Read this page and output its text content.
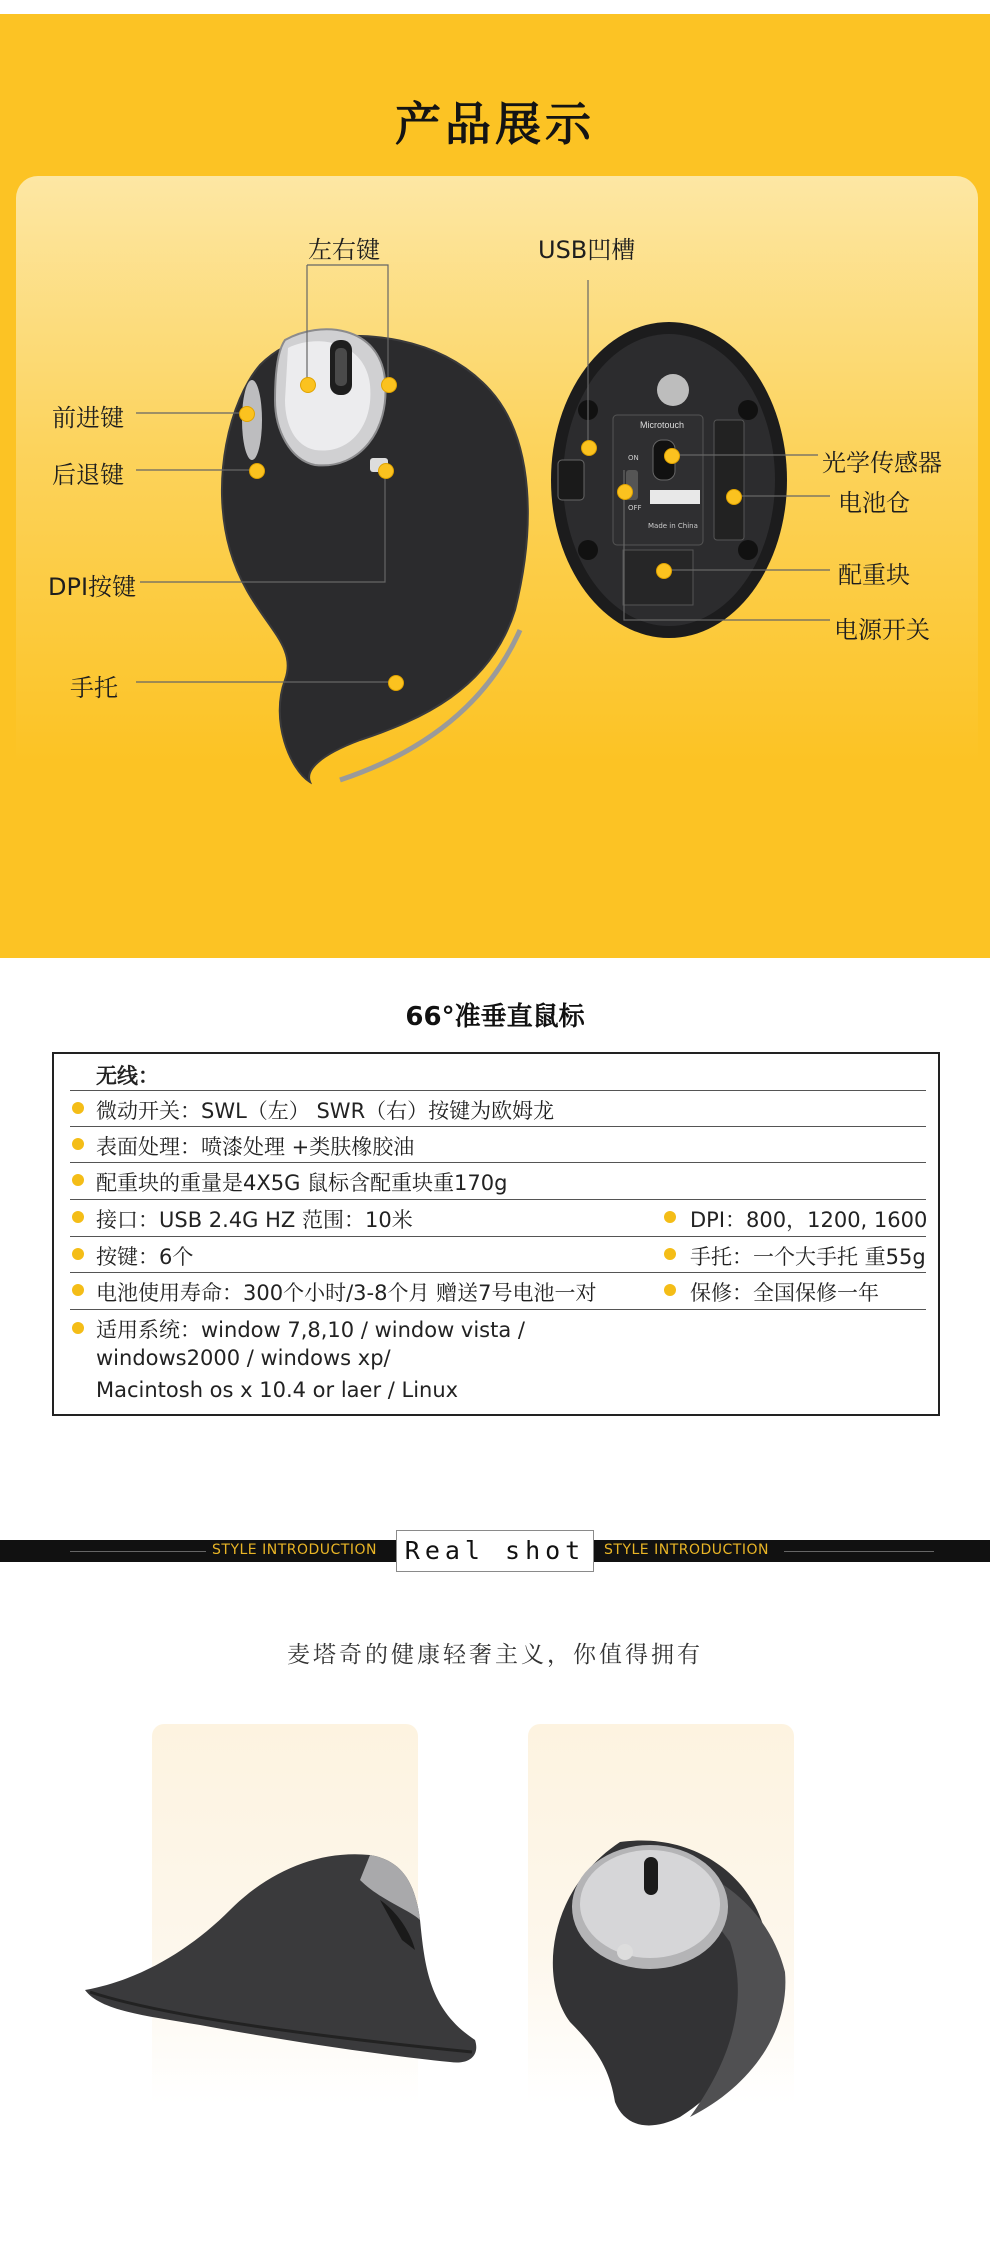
产品展示
Microtouch
ON
OFF
Made in China
左右键	USB凹槽
前进键
后退键
DPI按键
手托
光学传感器
电池仓
配重块
电源开关
66°准垂直鼠标
无线：
微动开关：SWL（左） SWR（右）按键为欧姆龙
表面处理：喷漆处理 +类肤橡胶油
配重块的重量是4X5G 鼠标含配重块重170g
接口：USB 2.4G HZ 范围：10米	DPI：800，1200, 1600
按键：6个	手托：一个大手托 重55g
电池使用寿命：300个小时/3-8个月 赠送7号电池一对	保修：全国保修一年
适用系统：window 7,8,10 / window vista /
windows2000 / windows xp/
Macintosh os x 10.4 or laer / Linux
STYLE INTRODUCTION	Real shot	STYLE INTRODUCTION
麦塔奇的健康轻奢主义，你值得拥有
